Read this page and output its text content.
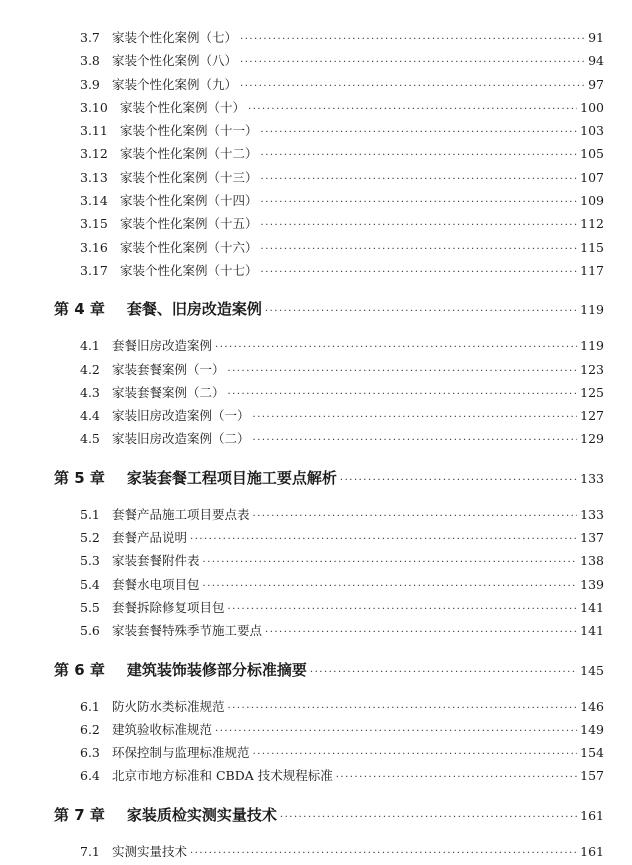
3.7 家装个性化案例（七） ·····	91
3.8 家装个性化案例（八） ·····	94
3.9 家装个性化案例（九） ·····	97
3.10 家装个性化案例（十） ·····	100
3.11 家装个性化案例（十一） ·····	103
3.12 家装个性化案例（十二） ·····	105
3.13 家装个性化案例（十三） ·····	107
3.14 家装个性化案例（十四） ·····	109
3.15 家装个性化案例（十五） ·····	112
3.16 家装个性化案例（十六） ·····	115
3.17 家装个性化案例（十七） ·····	117
第 4 章 套餐、旧房改造案例 ·····	119
4.1 套餐旧房改造案例 ·····	119
4.2 家装套餐案例（一） ·····	123
4.3 家装套餐案例（二） ·····	125
4.4 家装旧房改造案例（一） ·····	127
4.5 家装旧房改造案例（二） ·····	129
第 5 章 家装套餐工程项目施工要点解析 ·····	133
5.1 套餐产品施工项目要点表 ·····	133
5.2 套餐产品说明 ·····	137
5.3 家装套餐附件表 ·····	138
5.4 套餐水电项目包 ·····	139
5.5 套餐拆除修复项目包 ·····	141
5.6 家装套餐特殊季节施工要点 ·····	141
第 6 章 建筑装饰装修部分标准摘要 ·····	145
6.1 防火防水类标准规范 ·····	146
6.2 建筑验收标准规范 ·····	149
6.3 环保控制与监理标准规范 ·····	154
6.4 北京市地方标准和 CBDA 技术规程标准 ·····	157
第 7 章 家装质检实测实量技术 ·····	161
7.1 实测实量技术 ·····	161
